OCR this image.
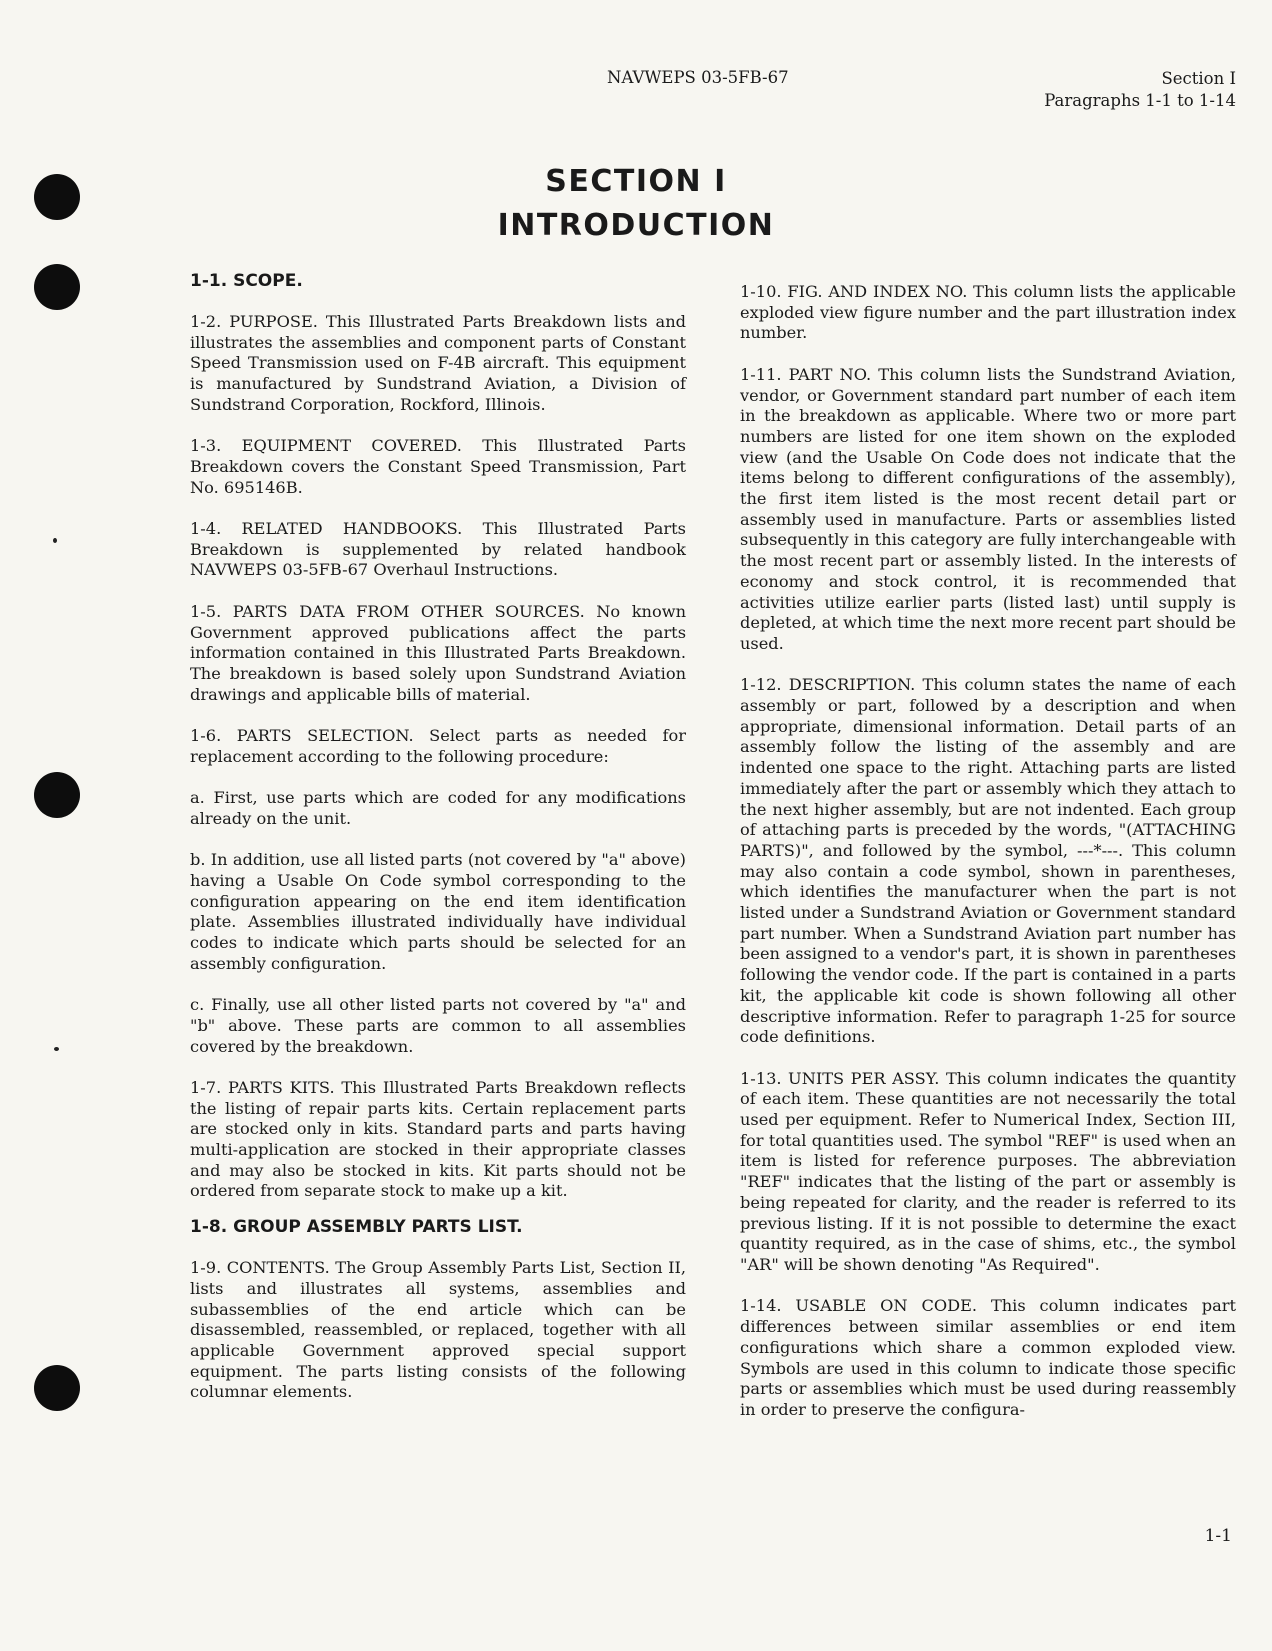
NAVWEPS 03-5FB-67	Section I
Paragraphs 1-1 to 1-14
SECTION I
INTRODUCTION
1-1. SCOPE.
1-2. PURPOSE. This Illustrated Parts Breakdown lists and illustrates the assemblies and component parts of Constant Speed Transmission used on F-4B aircraft. This equipment is manufactured by Sundstrand Aviation, a Division of Sundstrand Corporation, Rockford, Illinois.
1-3. EQUIPMENT COVERED. This Illustrated Parts Breakdown covers the Constant Speed Transmission, Part No. 695146B.
1-4. RELATED HANDBOOKS. This Illustrated Parts Breakdown is supplemented by related handbook NAVWEPS 03-5FB-67 Overhaul Instructions.
1-5. PARTS DATA FROM OTHER SOURCES. No known Government approved publications affect the parts information contained in this Illustrated Parts Breakdown. The breakdown is based solely upon Sundstrand Aviation drawings and applicable bills of material.
1-6. PARTS SELECTION. Select parts as needed for replacement according to the following procedure:
a. First, use parts which are coded for any modifications already on the unit.
b. In addition, use all listed parts (not covered by "a" above) having a Usable On Code symbol corresponding to the configuration appearing on the end item identification plate. Assemblies illustrated individually have individual codes to indicate which parts should be selected for an assembly configuration.
c. Finally, use all other listed parts not covered by "a" and "b" above. These parts are common to all assemblies covered by the breakdown.
1-7. PARTS KITS. This Illustrated Parts Breakdown reflects the listing of repair parts kits. Certain replacement parts are stocked only in kits. Standard parts and parts having multi-application are stocked in their appropriate classes and may also be stocked in kits. Kit parts should not be ordered from separate stock to make up a kit.
1-8. GROUP ASSEMBLY PARTS LIST.
1-9. CONTENTS. The Group Assembly Parts List, Section II, lists and illustrates all systems, assemblies and subassemblies of the end article which can be disassembled, reassembled, or replaced, together with all applicable Government approved special support equipment. The parts listing consists of the following columnar elements.
1-10. FIG. AND INDEX NO. This column lists the applicable exploded view figure number and the part illustration index number.
1-11. PART NO. This column lists the Sundstrand Aviation, vendor, or Government standard part number of each item in the breakdown as applicable. Where two or more part numbers are listed for one item shown on the exploded view (and the Usable On Code does not indicate that the items belong to different configurations of the assembly), the first item listed is the most recent detail part or assembly used in manufacture. Parts or assemblies listed subsequently in this category are fully interchangeable with the most recent part or assembly listed. In the interests of economy and stock control, it is recommended that activities utilize earlier parts (listed last) until supply is depleted, at which time the next more recent part should be used.
1-12. DESCRIPTION. This column states the name of each assembly or part, followed by a description and when appropriate, dimensional information. Detail parts of an assembly follow the listing of the assembly and are indented one space to the right. Attaching parts are listed immediately after the part or assembly which they attach to the next higher assembly, but are not indented. Each group of attaching parts is preceded by the words, "(ATTACHING PARTS)", and followed by the symbol, ---*---. This column may also contain a code symbol, shown in parentheses, which identifies the manufacturer when the part is not listed under a Sundstrand Aviation or Government standard part number. When a Sundstrand Aviation part number has been assigned to a vendor's part, it is shown in parentheses following the vendor code. If the part is contained in a parts kit, the applicable kit code is shown following all other descriptive information. Refer to paragraph 1-25 for source code definitions.
1-13. UNITS PER ASSY. This column indicates the quantity of each item. These quantities are not necessarily the total used per equipment. Refer to Numerical Index, Section III, for total quantities used. The symbol "REF" is used when an item is listed for reference purposes. The abbreviation "REF" indicates that the listing of the part or assembly is being repeated for clarity, and the reader is referred to its previous listing. If it is not possible to determine the exact quantity required, as in the case of shims, etc., the symbol "AR" will be shown denoting "As Required".
1-14. USABLE ON CODE. This column indicates part differences between similar assemblies or end item configurations which share a common exploded view. Symbols are used in this column to indicate those specific parts or assemblies which must be used during reassembly in order to preserve the configura-
1-1
